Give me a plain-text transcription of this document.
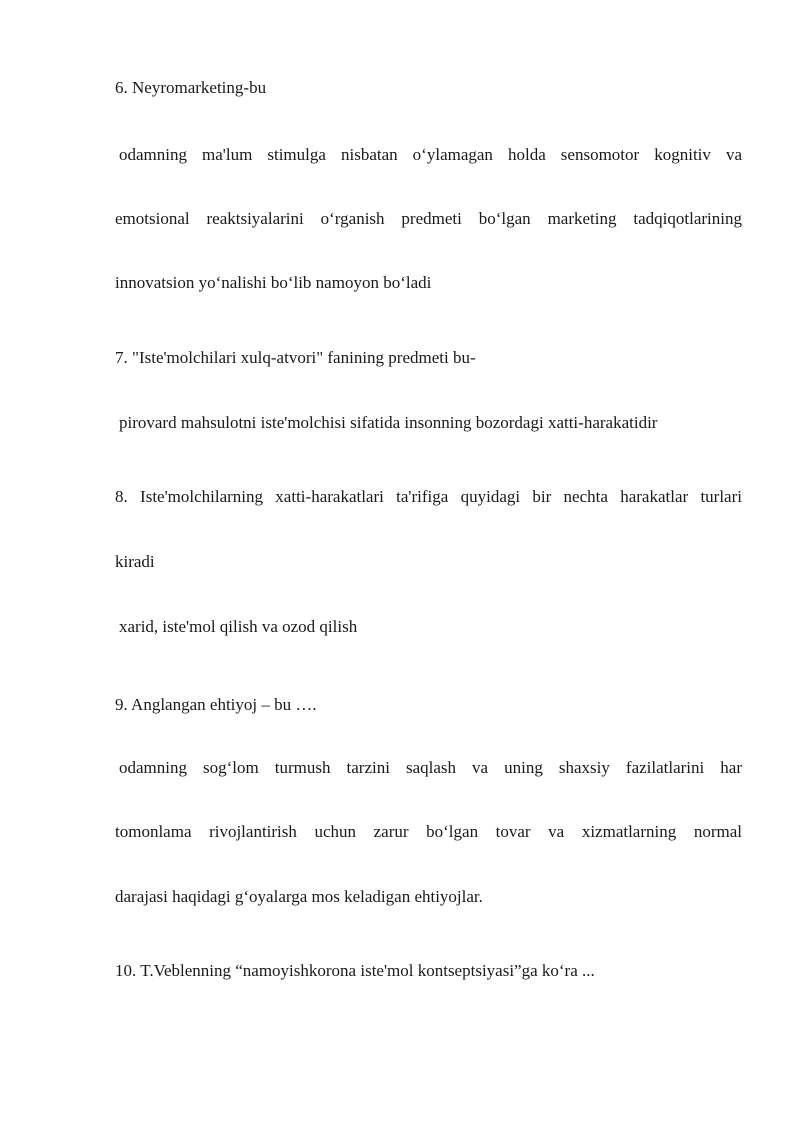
6. Neyromarketing-bu
odamning ma'lum stimulga nisbatan o‘ylamagan holda sensomotor kognitiv va
emotsional reaktsiyalarini o‘rganish predmeti bo‘lgan marketing tadqiqotlarining
innovatsion yo‘nalishi bo‘lib namoyon bo‘ladi
7. "Iste'molchilari xulq-atvori" fanining predmeti bu-
pirovard mahsulotni iste'molchisi sifatida insonning bozordagi xatti-harakatidir
8. Iste'molchilarning xatti-harakatlari ta'rifiga quyidagi bir nechta harakatlar turlari
kiradi
xarid, iste'mol qilish va ozod qilish
9. Anglangan ehtiyoj – bu ….
odamning sog‘lom turmush tarzini saqlash va uning shaxsiy fazilatlarini har
tomonlama rivojlantirish uchun zarur bo‘lgan tovar va xizmatlarning normal
darajasi haqidagi g‘oyalarga mos keladigan ehtiyojlar.
10. T.Veblenning “namoyishkorona iste'mol kontseptsiyasi”ga ko‘ra ...
